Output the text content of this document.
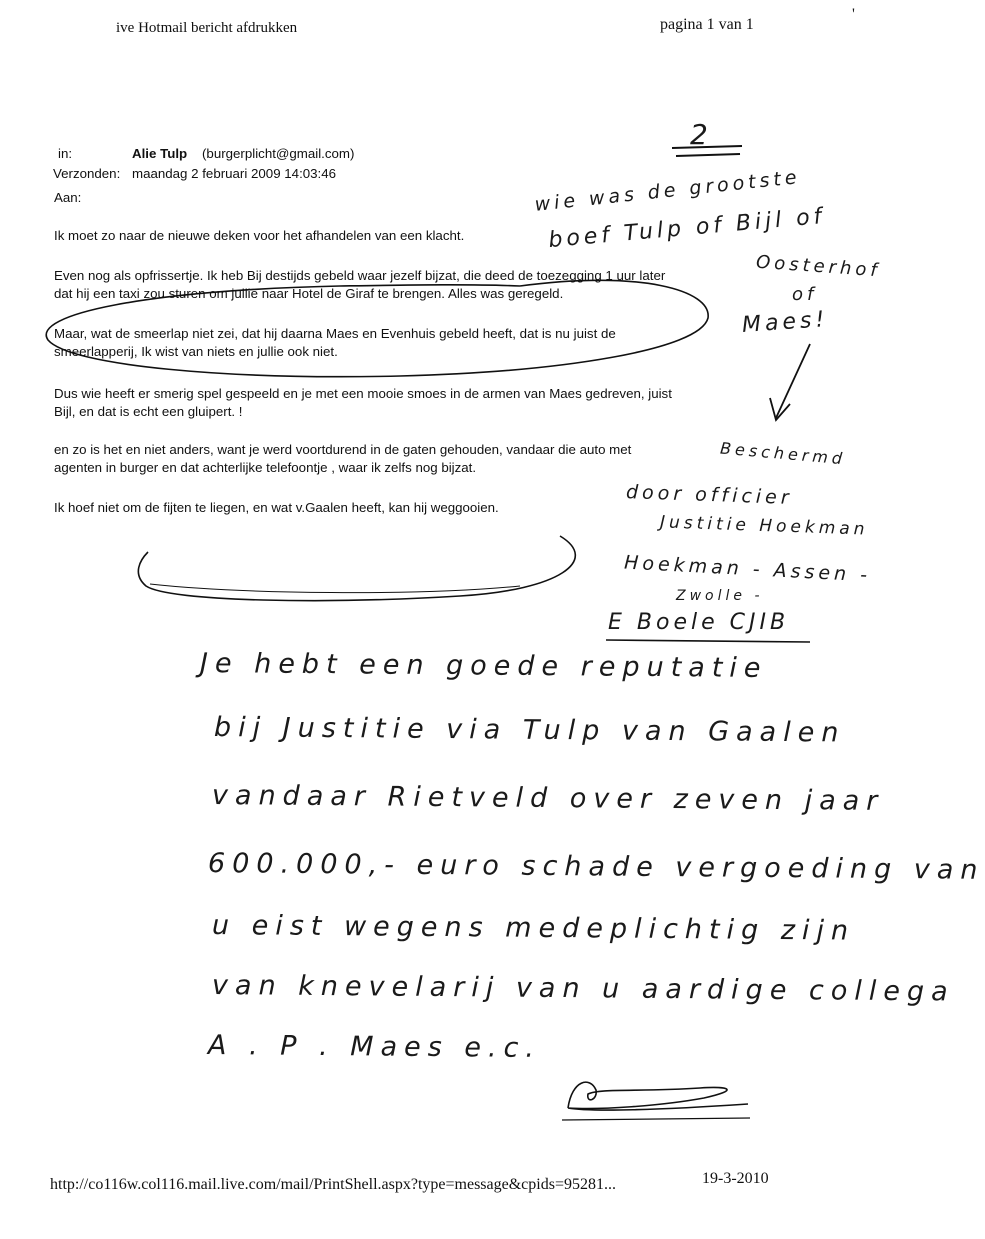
ive Hotmail bericht afdrukken	pagina 1 van 1
'
in:	Alie Tulp (burgerplicht@gmail.com)
Verzonden: maandag 2 februari 2009 14:03:46
Aan:
Ik moet zo naar de nieuwe deken voor het afhandelen van een klacht.
Even nog als opfrissertje. Ik heb Bij destijds gebeld waar jezelf bijzat, die deed de toezegging 1 uur later
dat hij een taxi zou sturen om jullie naar Hotel de Giraf te brengen. Alles was geregeld.
Maar, wat de smeerlap niet zei, dat hij daarna Maes en Evenhuis gebeld heeft, dat is nu juist de
smeerlapperij, Ik wist van niets en jullie ook niet.
Dus wie heeft er smerig spel gespeeld en je met een mooie smoes in de armen van Maes gedreven, juist
Bijl, en dat is echt een gluipert. !
en zo is het en niet anders, want je werd voortdurend in de gaten gehouden, vandaar die auto met
agenten in burger en dat achterlijke telefoontje , waar ik zelfs nog bijzat.
Ik hoef niet om de fijten te liegen, en wat v.Gaalen heeft, kan hij weggooien.
2
wie was de grootste
boef Tulp of Bijl of
Oosterhof
of
Maes!
Beschermd
door officier
Justitie Hoekman
Hoekman - Assen -
Zwolle -
E Boele CJIB
Je hebt een goede reputatie
bij Justitie via Tulp van Gaalen
vandaar Rietveld over zeven jaar
600.000,- euro schade vergoeding van
u eist wegens medeplichtig zijn
van knevelarij van u aardige collega
A . P . Maes e.c.
http://co116w.col116.mail.live.com/mail/PrintShell.aspx?type=message&cpids=95281...	19-3-2010
